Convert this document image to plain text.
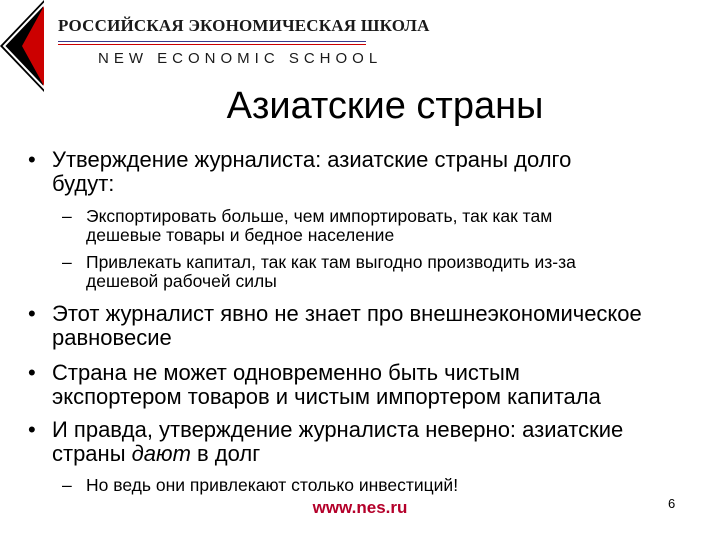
РОССИЙСКАЯ ЭКОНОМИЧЕСКАЯ ШКОЛА
NEW ECONOMIC SCHOOL
Азиатские страны
• Утверждение журналиста: азиатские страны долго
будут:
– Экспортировать больше, чем импортировать, так как там
дешевые товары и бедное население
– Привлекать капитал, так как там выгодно производить из-за
дешевой рабочей силы
• Этот журналист явно не знает про внешнеэкономическое
равновесие
• Страна не может одновременно быть чистым
экспортером товаров и чистым импортером капитала
• И правда, утверждение журналиста неверно: азиатские
страны дают в долг
– Но ведь они привлекают столько инвестиций!
www.nes.ru	6
